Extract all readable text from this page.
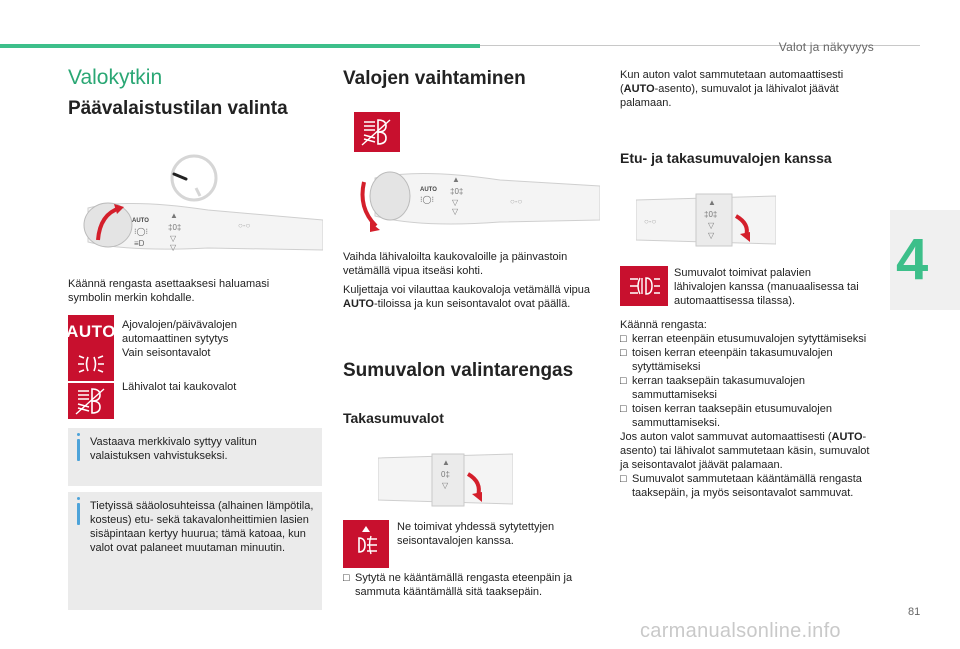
Valot ja näkyvyys
4
Valokytkin
Päävalaistustilan valinta
AUTO
⁝◯⁝
≡D
▲
‡0‡
▽
▽
○-○
Käännä rengasta asettaaksesi haluamasi symbolin merkin kohdalle.
AUTO Ajovalojen/päivävalojen automaattinen sytytys
Vain seisontavalot
Lähivalot tai kaukovalot
Vastaava merkkivalo syttyy valitun valaistuksen vahvistukseksi.
Tietyissä sääolosuhteissa (alhainen lämpötila, kosteus) etu- sekä takavalonheittimien lasien sisäpintaan kertyy huurua; tämä katoaa, kun valot ovat palaneet muutaman minuutin.
Valojen vaihtaminen
AUTO
▲
‡0‡
▽
▽
⁝◯⁝	○-○
Vaihda lähivaloilta kaukovaloille ja päinvastoin vetämällä vipua itseäsi kohti.
Kuljettaja voi vilauttaa kaukovaloja vetämällä vipua AUTO-tiloissa ja kun seisontavalot ovat päällä.
Sumuvalon valintarengas
Takasumuvalot
▲
0‡
▽
Ne toimivat yhdessä sytytettyjen seisontavalojen kanssa.
□ Sytytä ne kääntämällä rengasta eteenpäin ja sammuta kääntämällä sitä taaksepäin.
Kun auton valot sammutetaan automaattisesti (AUTO-asento), sumuvalot ja lähivalot jäävät palamaan.
Etu- ja takasumuvalojen kanssa
○-○
▲
‡0‡
▽
▽
Sumuvalot toimivat palavien lähivalojen kanssa (manuaalisessa tai automaattisessa tilassa).
Käännä rengasta:
□ kerran eteenpäin etusumuvalojen sytyttämiseksi
□ toisen kerran eteenpäin takasumuvalojen sytyttämiseksi
□ kerran taaksepäin takasumuvalojen sammuttamiseksi
□ toisen kerran taaksepäin etusumuvalojen sammuttamiseksi.
Jos auton valot sammuvat automaattisesti (AUTO-asento) tai lähivalot sammutetaan käsin, sumuvalot ja seisontavalot jäävät palamaan.
□ Sumuvalot sammutetaan kääntämällä rengasta taaksepäin, ja myös seisontavalot sammuvat.
81
carmanualsonline.info
